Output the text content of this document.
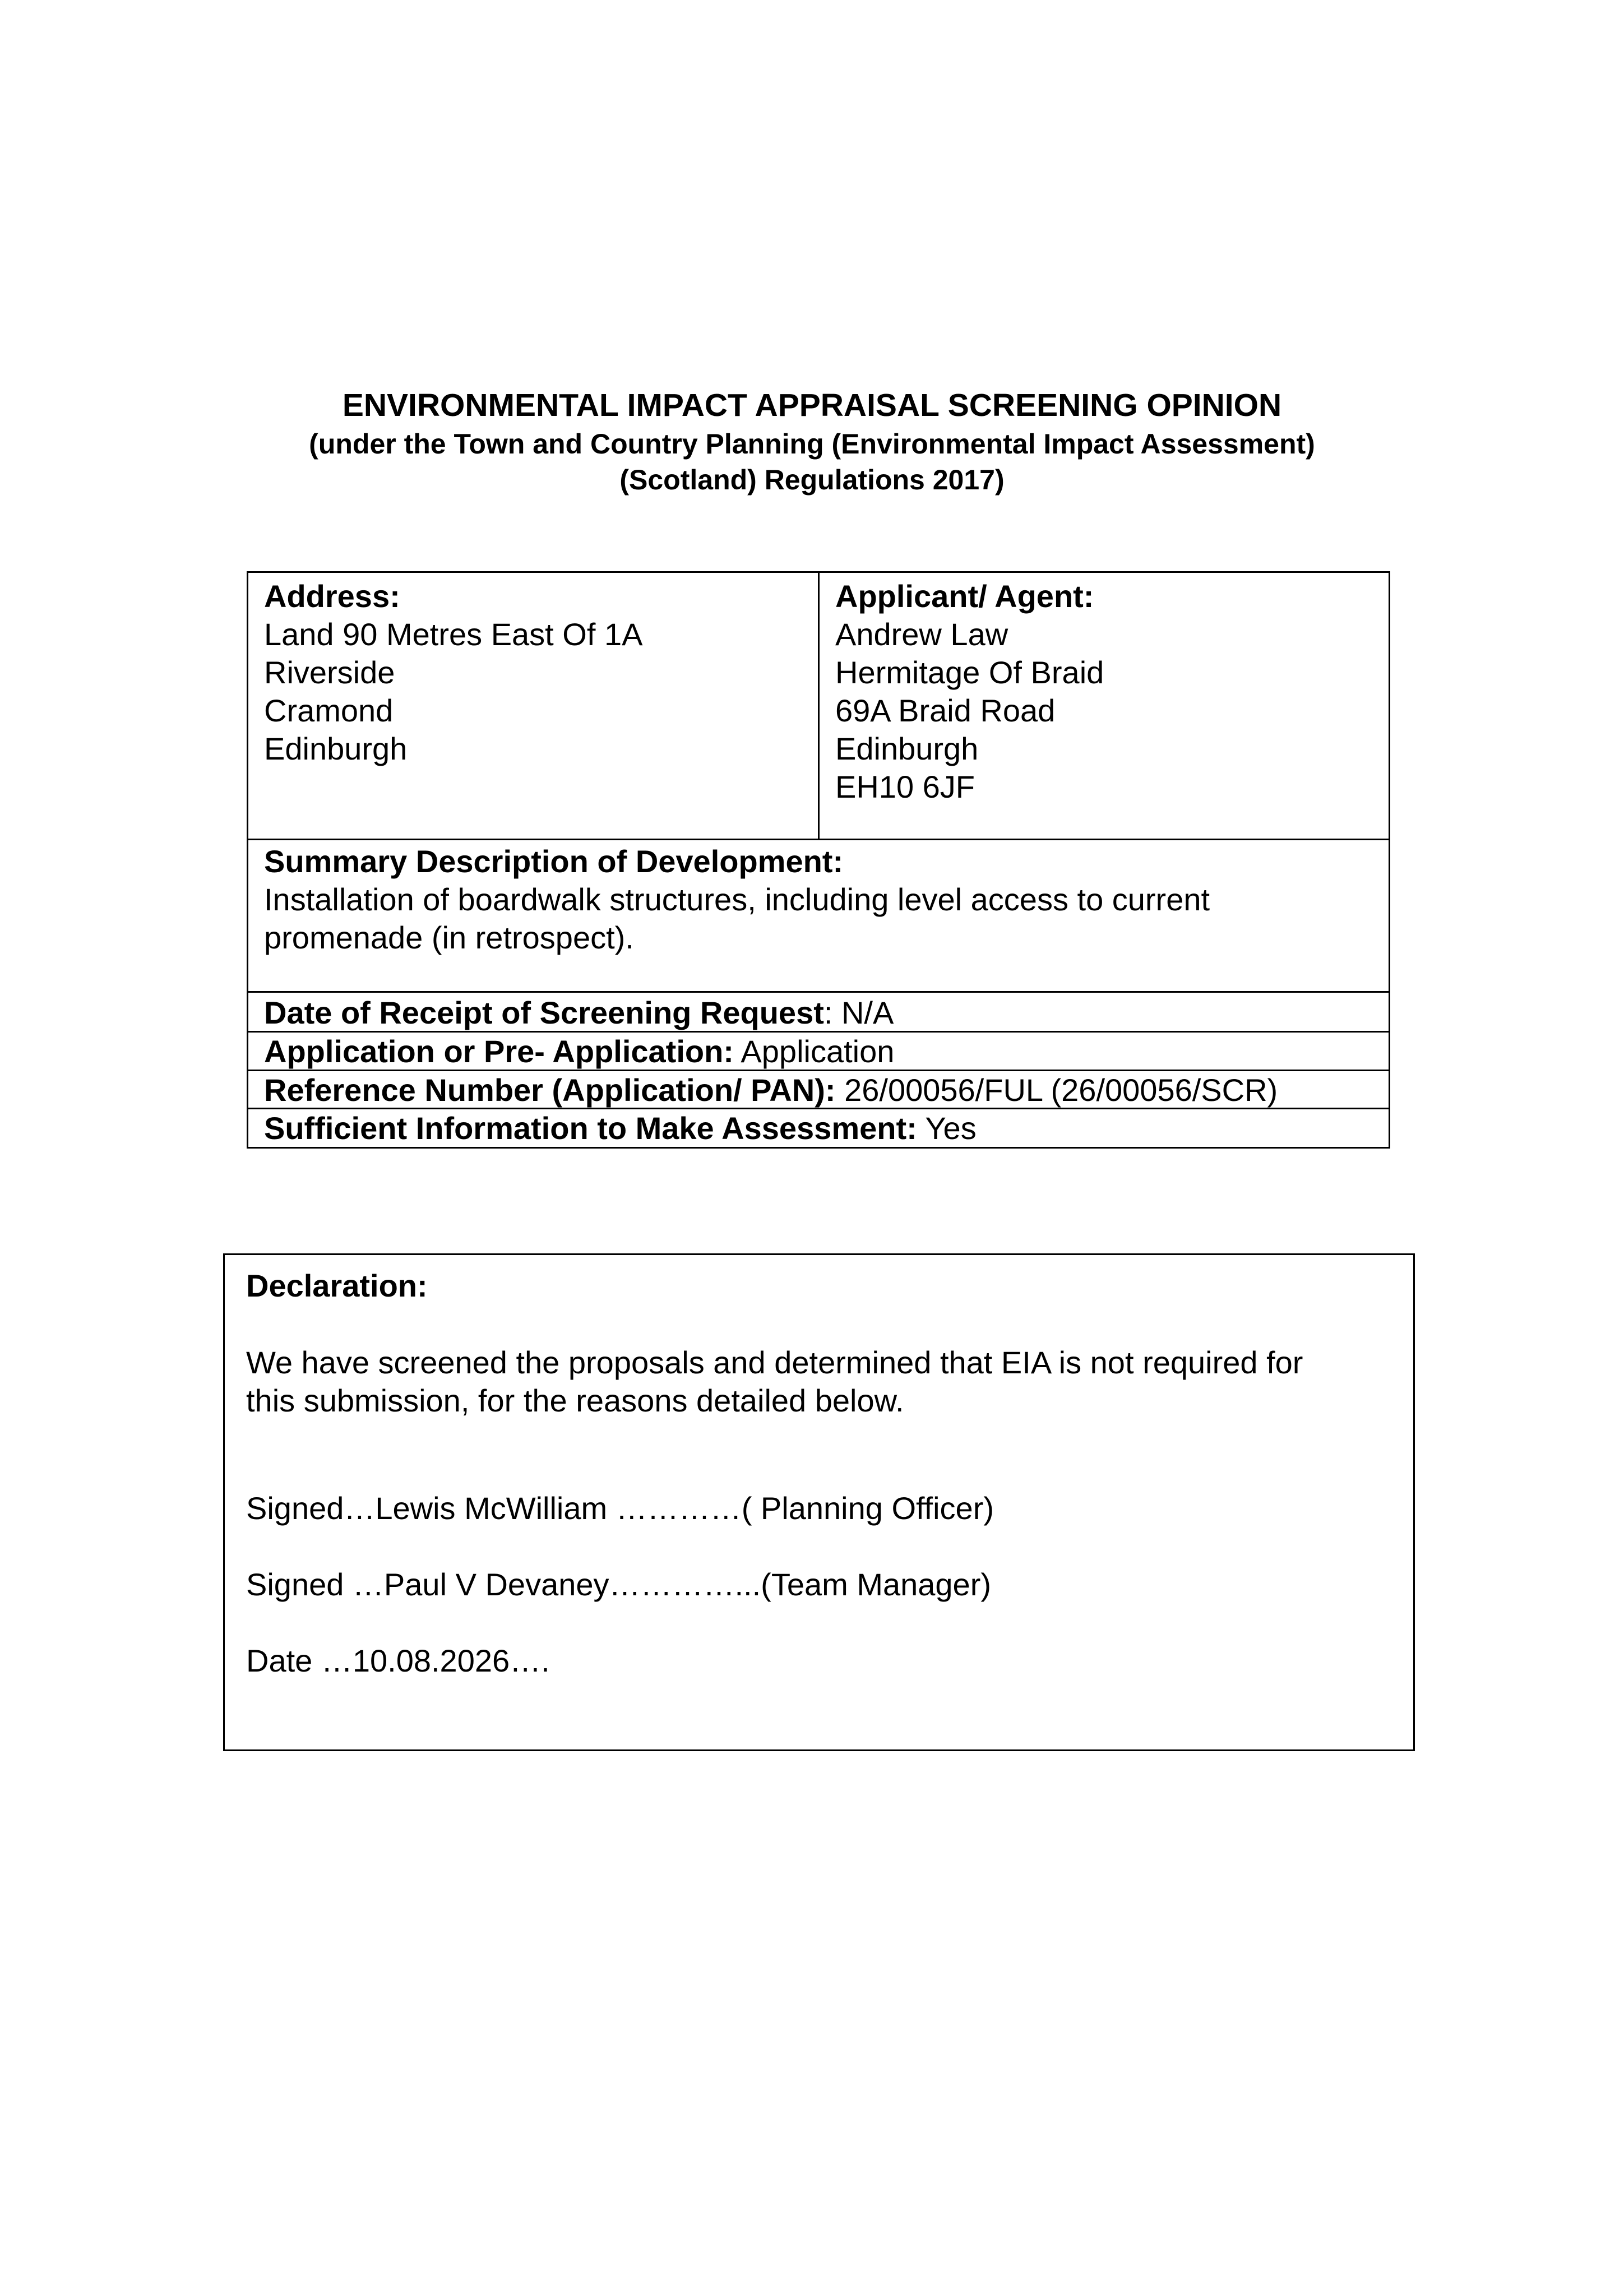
ENVIRONMENTAL IMPACT APPRAISAL SCREENING OPINION
(under the Town and Country Planning (Environmental Impact Assessment)
(Scotland) Regulations 2017)
Address:
Land 90 Metres East Of 1A
Riverside
Cramond
Edinburgh
Applicant/ Agent:
Andrew Law
Hermitage Of Braid
69A Braid Road
Edinburgh
EH10 6JF
Summary Description of Development:
Installation of boardwalk structures, including level access to current
promenade (in retrospect).
Date of Receipt of Screening Request: N/A
Application or Pre- Application: Application
Reference Number (Application/ PAN): 26/00056/FUL (26/00056/SCR)
Sufficient Information to Make Assessment: Yes
Declaration:
We have screened the proposals and determined that EIA is not required for
this submission, for the reasons detailed below.
Signed…Lewis McWilliam …………( Planning Officer)
Signed …Paul V Devaney…………...(Team Manager)
Date …10.08.2026….
